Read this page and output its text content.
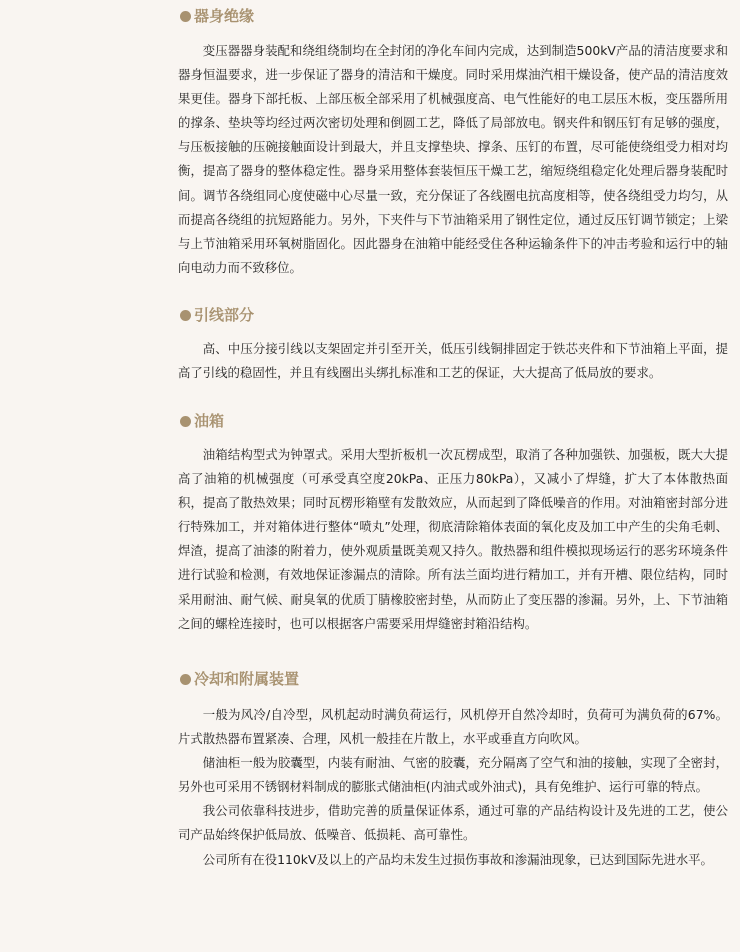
器身绝缘

变压器器身装配和绕组绕制均在全封闭的净化车间内完成，达到制造500kV产品的清洁度要求和器身恒温要求，进一步保证了器身的清洁和干燥度。同时采用煤油汽相干燥设备，使产品的清洁度效果更佳。器身下部托板、上部压板全部采用了机械强度高、电气性能好的电工层压木板，变压器所用的撑条、垫块等均经过两次密切处理和倒圆工艺，降低了局部放电。钢夹件和钢压钉有足够的强度，与压板接触的压碗接触面设计到最大，并且支撑垫块、撑条、压钉的布置，尽可能使绕组受力相对均衡，提高了器身的整体稳定性。器身采用整体套装恒压干燥工艺，缩短绕组稳定化处理后器身装配时间。调节各绕组同心度使磁中心尽量一致，充分保证了各线圈电抗高度相等，使各绕组受力均匀，从而提高各绕组的抗短路能力。另外，下夹件与下节油箱采用了钢性定位，通过反压钉调节锁定；上梁与上节油箱采用环氧树脂固化。因此器身在油箱中能经受住各种运输条件下的冲击考验和运行中的轴向电动力而不致移位。

引线部分

高、中压分接引线以支架固定并引至开关，低压引线铜排固定于铁芯夹件和下节油箱上平面，提高了引线的稳固性，并且有线圈出头绑扎标准和工艺的保证，大大提高了低局放的要求。

油箱

油箱结构型式为钟罩式。采用大型折板机一次瓦楞成型，取消了各种加强铁、加强板，既大大提高了油箱的机械强度（可承受真空度20kPa、正压力80kPa），又减小了焊缝，扩大了本体散热面积，提高了散热效果；同时瓦楞形箱壁有发散效应，从而起到了降低噪音的作用。对油箱密封部分进行特殊加工，并对箱体进行整体“喷丸”处理，彻底清除箱体表面的氧化皮及加工中产生的尖角毛刺、焊渣，提高了油漆的附着力，使外观质量既美观又持久。散热器和组件模拟现场运行的恶劣环境条件进行试验和检测，有效地保证渗漏点的清除。所有法兰面均进行精加工，并有开槽、限位结构，同时采用耐油、耐气候、耐臭氧的优质丁腈橡胶密封垫，从而防止了变压器的渗漏。另外，上、下节油箱之间的螺栓连接时，也可以根据客户需要采用焊缝密封箱沿结构。

冷却和附属装置

一般为风冷/自冷型，风机起动时满负荷运行，风机停开自然冷却时，负荷可为满负荷的67%。片式散热器布置紧凑、合理，风机一般挂在片散上，水平或垂直方向吹风。

储油柜一般为胶囊型，内装有耐油、气密的胶囊，充分隔离了空气和油的接触，实现了全密封，另外也可采用不锈钢材料制成的膨胀式储油柜(内油式或外油式)，具有免维护、运行可靠的特点。

我公司依靠科技进步，借助完善的质量保证体系，通过可靠的产品结构设计及先进的工艺，使公司产品始终保护低局放、低噪音、低损耗、高可靠性。

公司所有在役110kV及以上的产品均未发生过损伤事故和渗漏油现象，已达到国际先进水平。
